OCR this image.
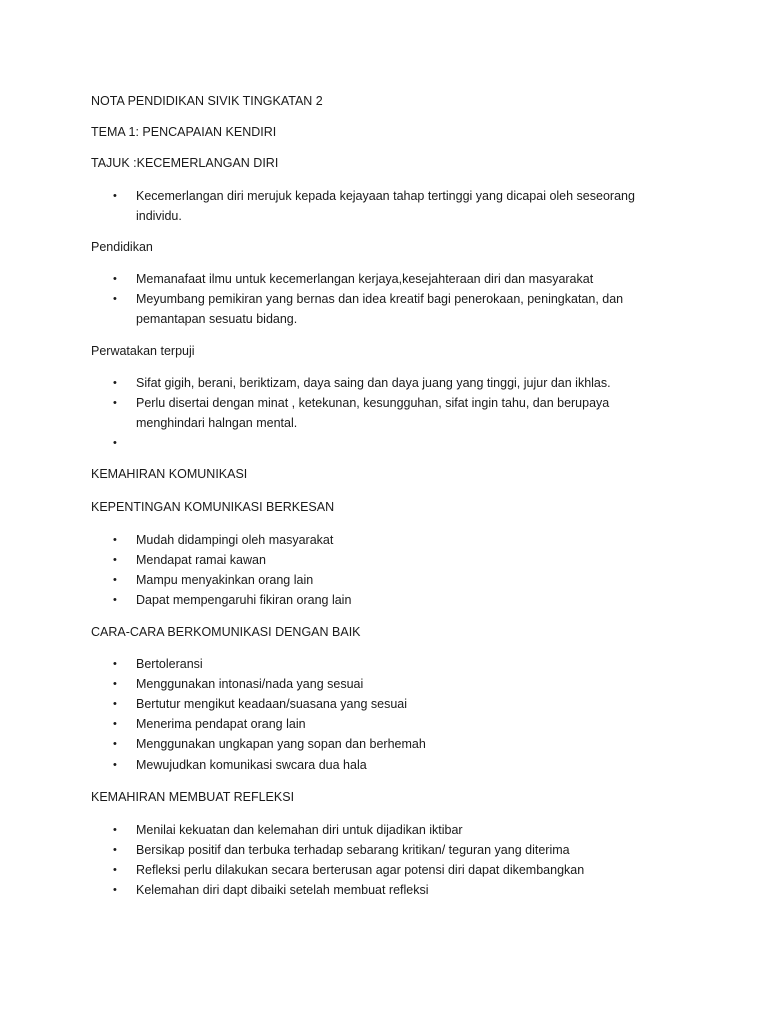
NOTA PENDIDIKAN SIVIK TINGKATAN 2

TEMA 1: PENCAPAIAN KENDIRI

TAJUK :KECEMERLANGAN DIRI

• Kecemerlangan diri merujuk kepada kejayaan tahap tertinggi yang dicapai oleh seseorang individu.

Pendidikan

• Memanafaat ilmu untuk kecemerlangan kerjaya,kesejahteraan diri dan masyarakat
• Meyumbang pemikiran yang bernas dan idea kreatif bagi penerokaan, peningkatan, dan pemantapan sesuatu bidang.

Perwatakan terpuji

• Sifat gigih, berani, beriktizam, daya saing dan daya juang yang tinggi, jujur dan ikhlas.
• Perlu disertai dengan minat , ketekunan, kesungguhan, sifat ingin tahu, dan berupaya menghindari halngan mental.
•

KEMAHIRAN KOMUNIKASI

KEPENTINGAN KOMUNIKASI BERKESAN

• Mudah didampingi oleh masyarakat
• Mendapat ramai kawan
• Mampu menyakinkan orang lain
• Dapat mempengaruhi fikiran orang lain

CARA-CARA BERKOMUNIKASI DENGAN BAIK

• Bertoleransi
• Menggunakan intonasi/nada yang sesuai
• Bertutur mengikut keadaan/suasana yang sesuai
• Menerima pendapat orang lain
• Menggunakan ungkapan yang sopan dan berhemah
• Mewujudkan komunikasi swcara dua hala

KEMAHIRAN MEMBUAT REFLEKSI

• Menilai kekuatan dan kelemahan diri untuk dijadikan iktibar
• Bersikap positif dan terbuka terhadap sebarang kritikan/ teguran yang diterima
• Refleksi perlu dilakukan secara berterusan agar potensi diri dapat dikembangkan
• Kelemahan diri dapt dibaiki setelah membuat refleksi
